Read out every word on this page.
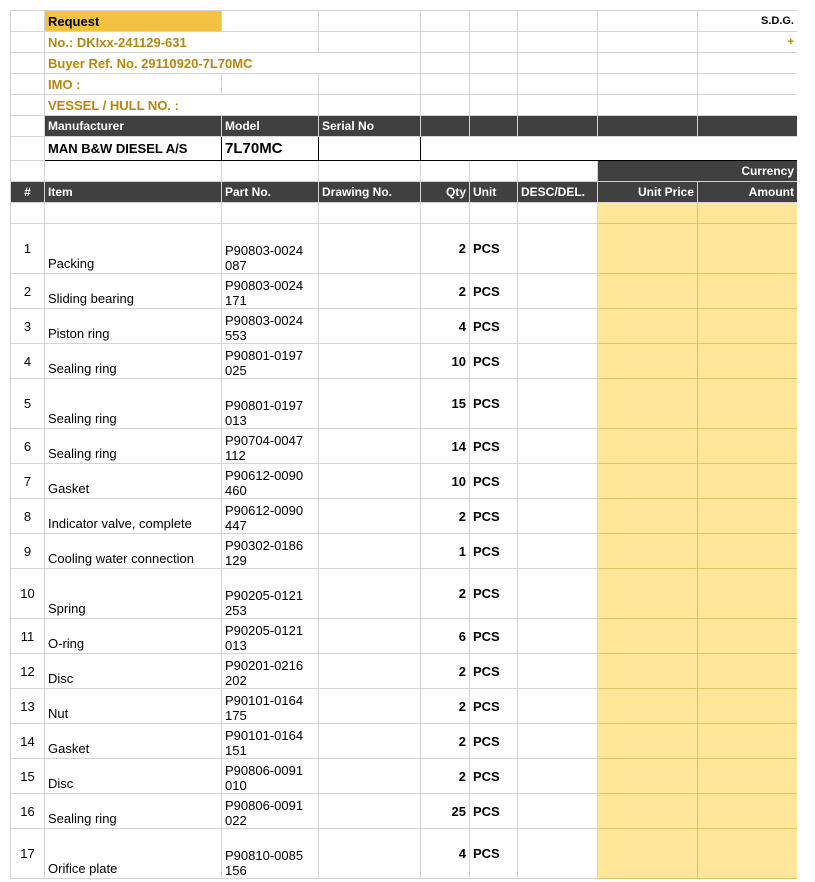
	Request							S.D.G.
	No.: DKIxx-241129-631							+
	Buyer Ref. No. 29110920-7L70MC							
	IMO :							
	VESSEL / HULL NO. :							
	Manufacturer	Model	Serial No					
	MAN B&W DIESEL A/S	7L70MC						
							Currency	
#	Item	Part No.	Drawing No.	Qty	Unit	DESC/DEL.	Unit Price	Amount

1	Packing	P90803-0024
087		2	PCS			
2	Sliding bearing	P90803-0024
171		2	PCS			
3	Piston ring	P90803-0024
553		4	PCS			
4	Sealing ring	P90801-0197
025		10	PCS			
5	Sealing ring	P90801-0197
013		15	PCS			
6	Sealing ring	P90704-0047
112		14	PCS			
7	Gasket	P90612-0090
460		10	PCS			
8	Indicator valve, complete	P90612-0090
447		2	PCS			
9	Cooling water connection	P90302-0186
129		1	PCS			
10	Spring	P90205-0121
253		2	PCS			
11	O-ring	P90205-0121
013		6	PCS			
12	Disc	P90201-0216
202		2	PCS			
13	Nut	P90101-0164
175		2	PCS			
14	Gasket	P90101-0164
151		2	PCS			
15	Disc	P90806-0091
010		2	PCS			
16	Sealing ring	P90806-0091
022		25	PCS			
17	Orifice plate	P90810-0085
156		4	PCS			
